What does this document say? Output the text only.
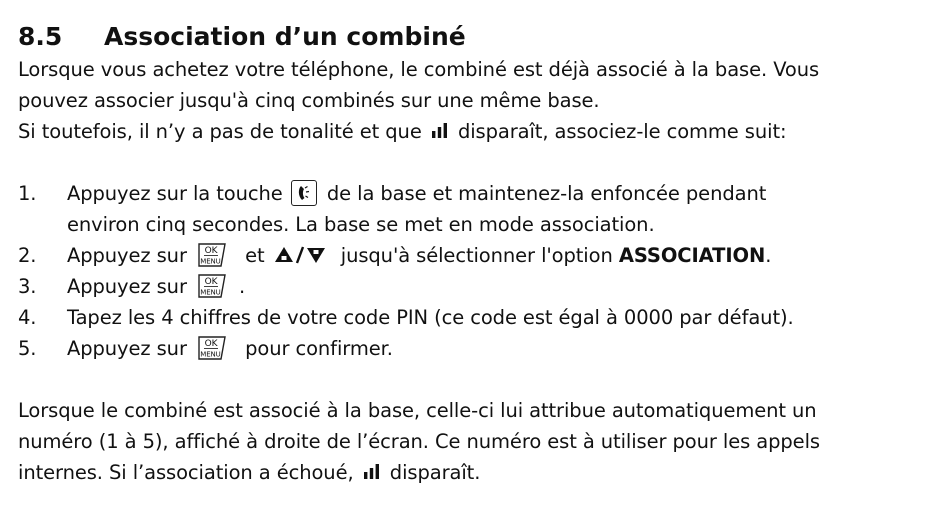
8.5	Association d’un combiné

Lorsque vous achetez votre téléphone, le combiné est déjà associé à la base. Vous
pouvez associer jusqu'à cinq combinés sur une même base.
Si toutefois, il n’y a pas de tonalité et que disparaît, associez-le comme suit:

1.	Appuyez sur la touche de la base et maintenez-la enfoncée pendant
environ cinq secondes. La base se met en mode association.
2.	Appuyez sur OK
MENU et	jusqu'à sélectionner l'option ASSOCIATION.
3.	Appuyez sur OK
MENU .
4.	Tapez les 4 chiffres de votre code PIN (ce code est égal à 0000 par défaut).
5.	Appuyez sur OK
MENU pour confirmer.

Lorsque le combiné est associé à la base, celle-ci lui attribue automatiquement un
numéro (1 à 5), affiché à droite de l’écran. Ce numéro est à utiliser pour les appels
internes. Si l’association a échoué, disparaît.
